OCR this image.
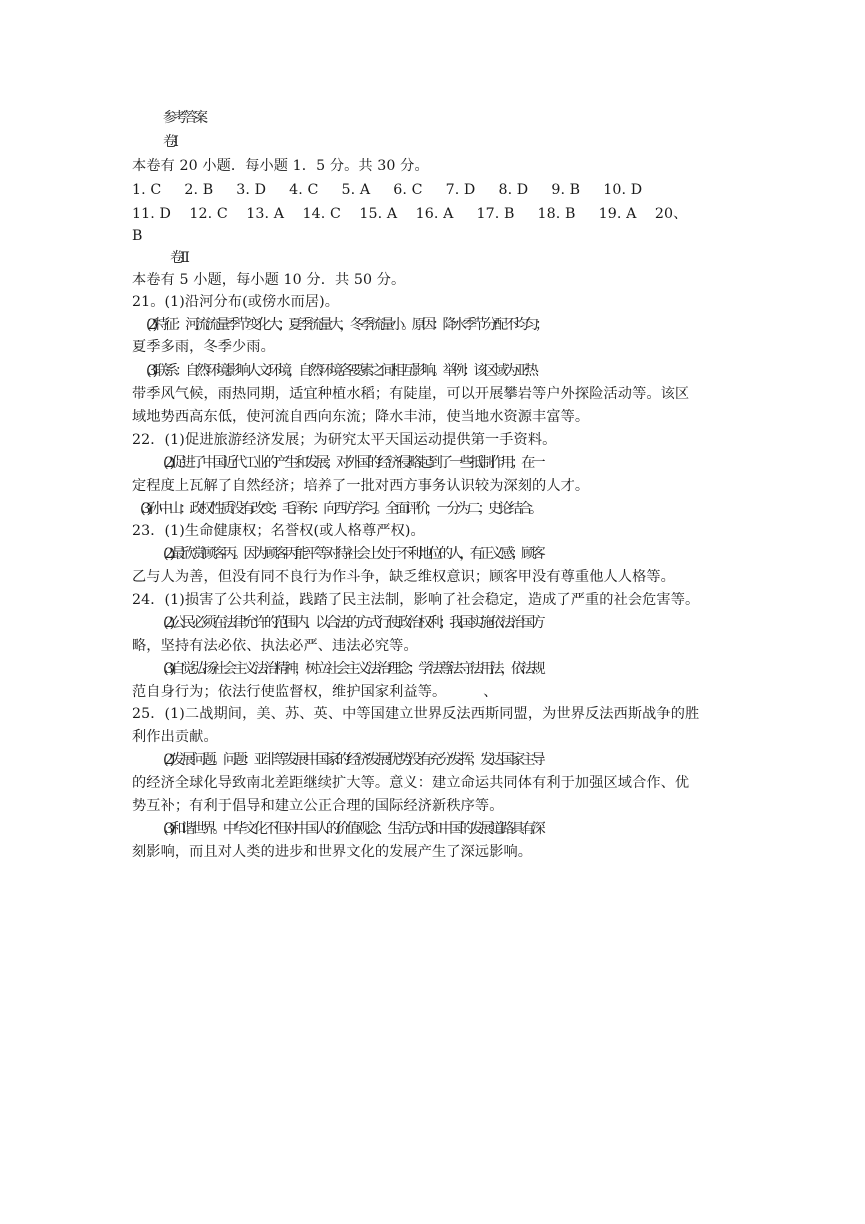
参考答案
卷Ⅰ
本卷有 20 小题．每小题 1．5 分。共 30 分。
1. C     2. B     3. D     4. C     5. A     6. C     7. D     8. D     9. B     10. D
11. D    12. C    13. A    14. C    15. A    16. A     17. B     18. B     19. A    20、
B
卷Ⅱ
本卷有 5 小题，每小题 10 分．共 50 分。
21。(1)沿河分布(或傍水而居)。
(2)特征：河流流量季节变化大；夏季流量大，冬季流量小。原因：降水季节分配不均匀；
夏季多雨，冬季少雨。
(3)联系：自然环境影响人文环境，自然环境各要素之间相互影响。举例：该区域为亚热
带季风气候，雨热同期，适宜种植水稻；有陡崖，可以开展攀岩等户外探险活动等。该区
域地势西高东低，使河流自西向东流；降水丰沛，使当地水资源丰富等。
22．(1)促进旅游经济发展；为研究太平天国运动提供第一手资料。
(2)促进了中国近代工业的产生和发展；对外国的经济侵略起到了一些抵制作用；在一
定程度上瓦解了自然经济；培养了一批对西方事务认识较为深刻的人才。
(3)孙中山：政权性质没有改变；毛泽东：向西方学习。全面评价，一分为二；史论结合。
23．(1)生命健康权；名誉权(或人格尊严权)。
(2)最欣赏顾客丙。因为顾客丙能平等对待社会上处于不利地位的人，有正义感；顾客
乙与人为善，但没有同不良行为作斗争，缺乏维权意识；顾客甲没有尊重他人人格等。
24．(1)损害了公共利益，践踏了民主法制，影响了社会稳定，造成了严重的社会危害等。
(2)公民必须在法律允许的范围内、以合法的方式行使政治权利；我国实施依法治国方
略，坚持有法必依、执法必严、违法必究等。
(3)自觉弘扬社会主义法治精神，树立社会主义法治理念；学法尊法守法用法，依法规
范自身行为；依法行使监督权，维护国家利益等。        、
25．(1)二战期间，美、苏、英、中等国建立世界反法西斯同盟，为世界反法西斯战争的胜
利作出贡献。
(2)发展问题。问题：亚非等发展中国家的经济发展优势没有充分发挥；发达国家主导
的经济全球化导致南北差距继续扩大等。意义：建立命运共同体有利于加强区域合作、优
势互补；有利于倡导和建立公正合理的国际经济新秩序等。
(3)和谐世界。中华文化不但对中国人的价值观念、生活方式和中国的发展道路具有深
刻影响，而且对人类的进步和世界文化的发展产生了深远影响。
